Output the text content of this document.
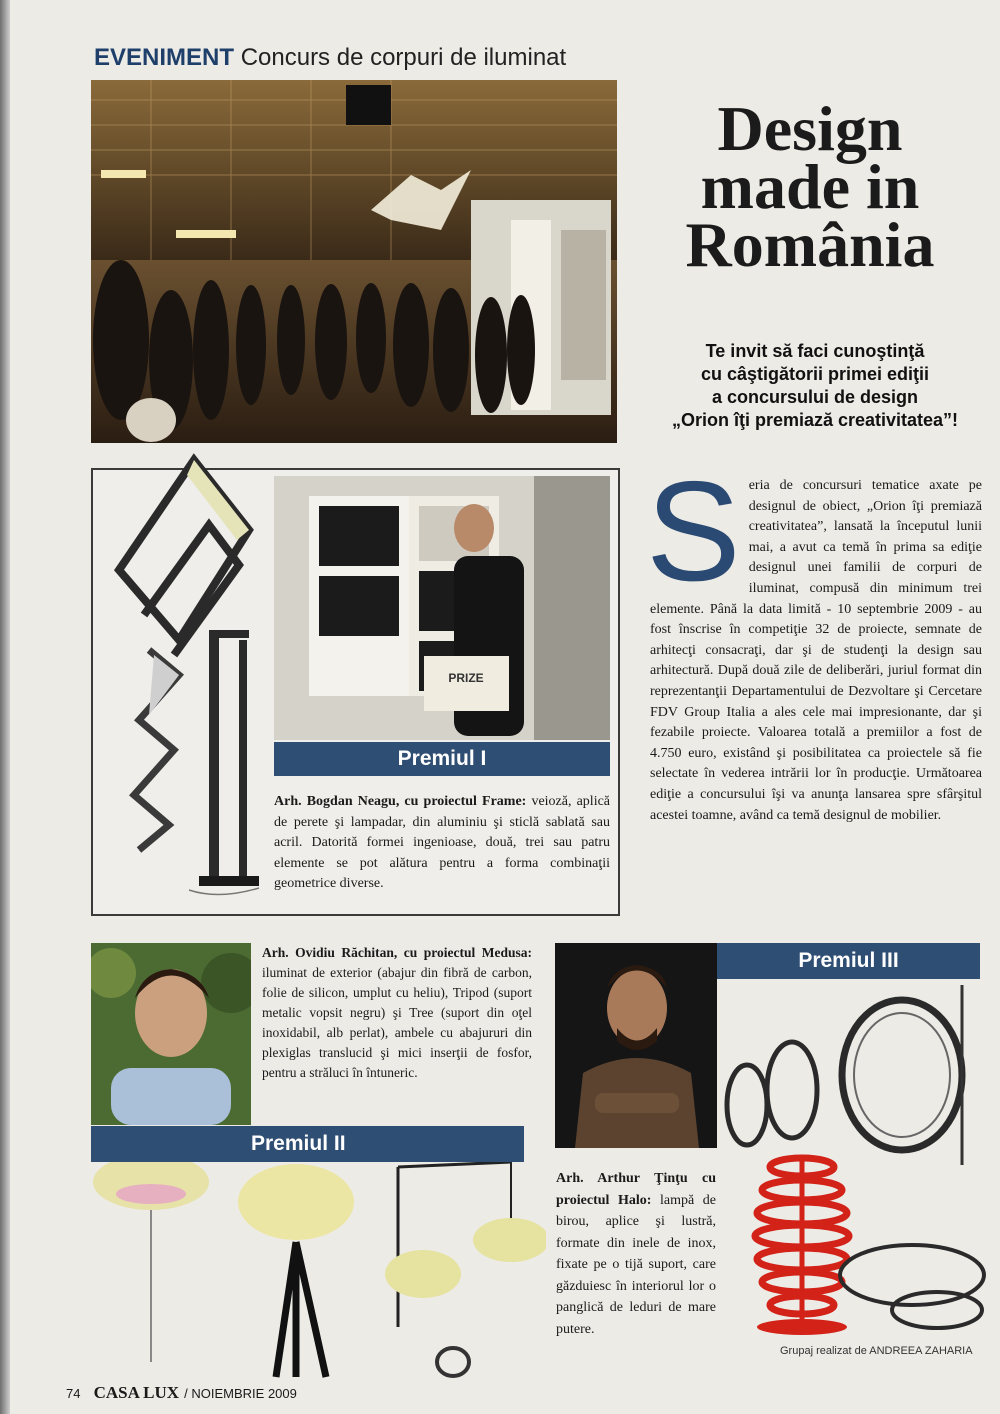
EVENIMENT Concurs de corpuri de iluminat
Design
made in
România
Te invit să faci cunoştinţă
cu câştigătorii primei ediţii
a concursului de design
„Orion îţi premiază creativitatea”!
PRIZE
Premiul I
Arh. Bogdan Neagu, cu proiectul Frame: veioză, aplică de perete şi lampadar, din aluminiu şi sticlă sablată sau acril. Datorită formei ingenioase, două, trei sau patru elemente se pot alătura pentru a forma combinaţii geometrice diverse.
S eria de concursuri tematice axate pe designul de obiect, „Orion îţi premiază creativitatea”, lansată la începutul lunii mai, a avut ca temă în prima sa ediţie designul unei familii de corpuri de iluminat, compusă din minimum trei elemente. Până la data limită - 10 septembrie 2009 - au fost înscrise în competiţie 32 de proiecte, semnate de arhitecţi consacraţi, dar şi de studenţi la design sau arhitectură. După două zile de deliberări, juriul format din reprezentanţii Departamentului de Dezvoltare şi Cercetare FDV Group Italia a ales cele mai impresionante, dar şi fezabile proiecte. Valoarea totală a premiilor a fost de 4.750 euro, existând şi posibilitatea ca proiectele să fie selectate în vederea intrării lor în producţie. Următoarea ediţie a concursului îşi va anunţa lansarea spre sfârşitul acestei toamne, având ca temă designul de mobilier.
Arh. Ovidiu Răchitan, cu proiectul Medusa: iluminat de exterior (abajur din fibră de carbon, folie de silicon, umplut cu heliu), Tripod (suport metalic vopsit negru) şi Tree (suport din oţel inoxidabil, alb perlat), ambele cu abajururi din plexiglas translucid şi mici inserţii de fosfor, pentru a străluci în întuneric.
Premiul II
Premiul III
Arh. Arthur Ţinţu cu proiectul Halo: lampă de birou, aplice şi lustră, formate din inele de inox, fixate pe o tijă suport, care găzduiesc în interiorul lor o panglică de leduri de mare putere.
Grupaj realizat de ANDREEA ZAHARIA
74 CASA LUX / NOIEMBRIE 2009
